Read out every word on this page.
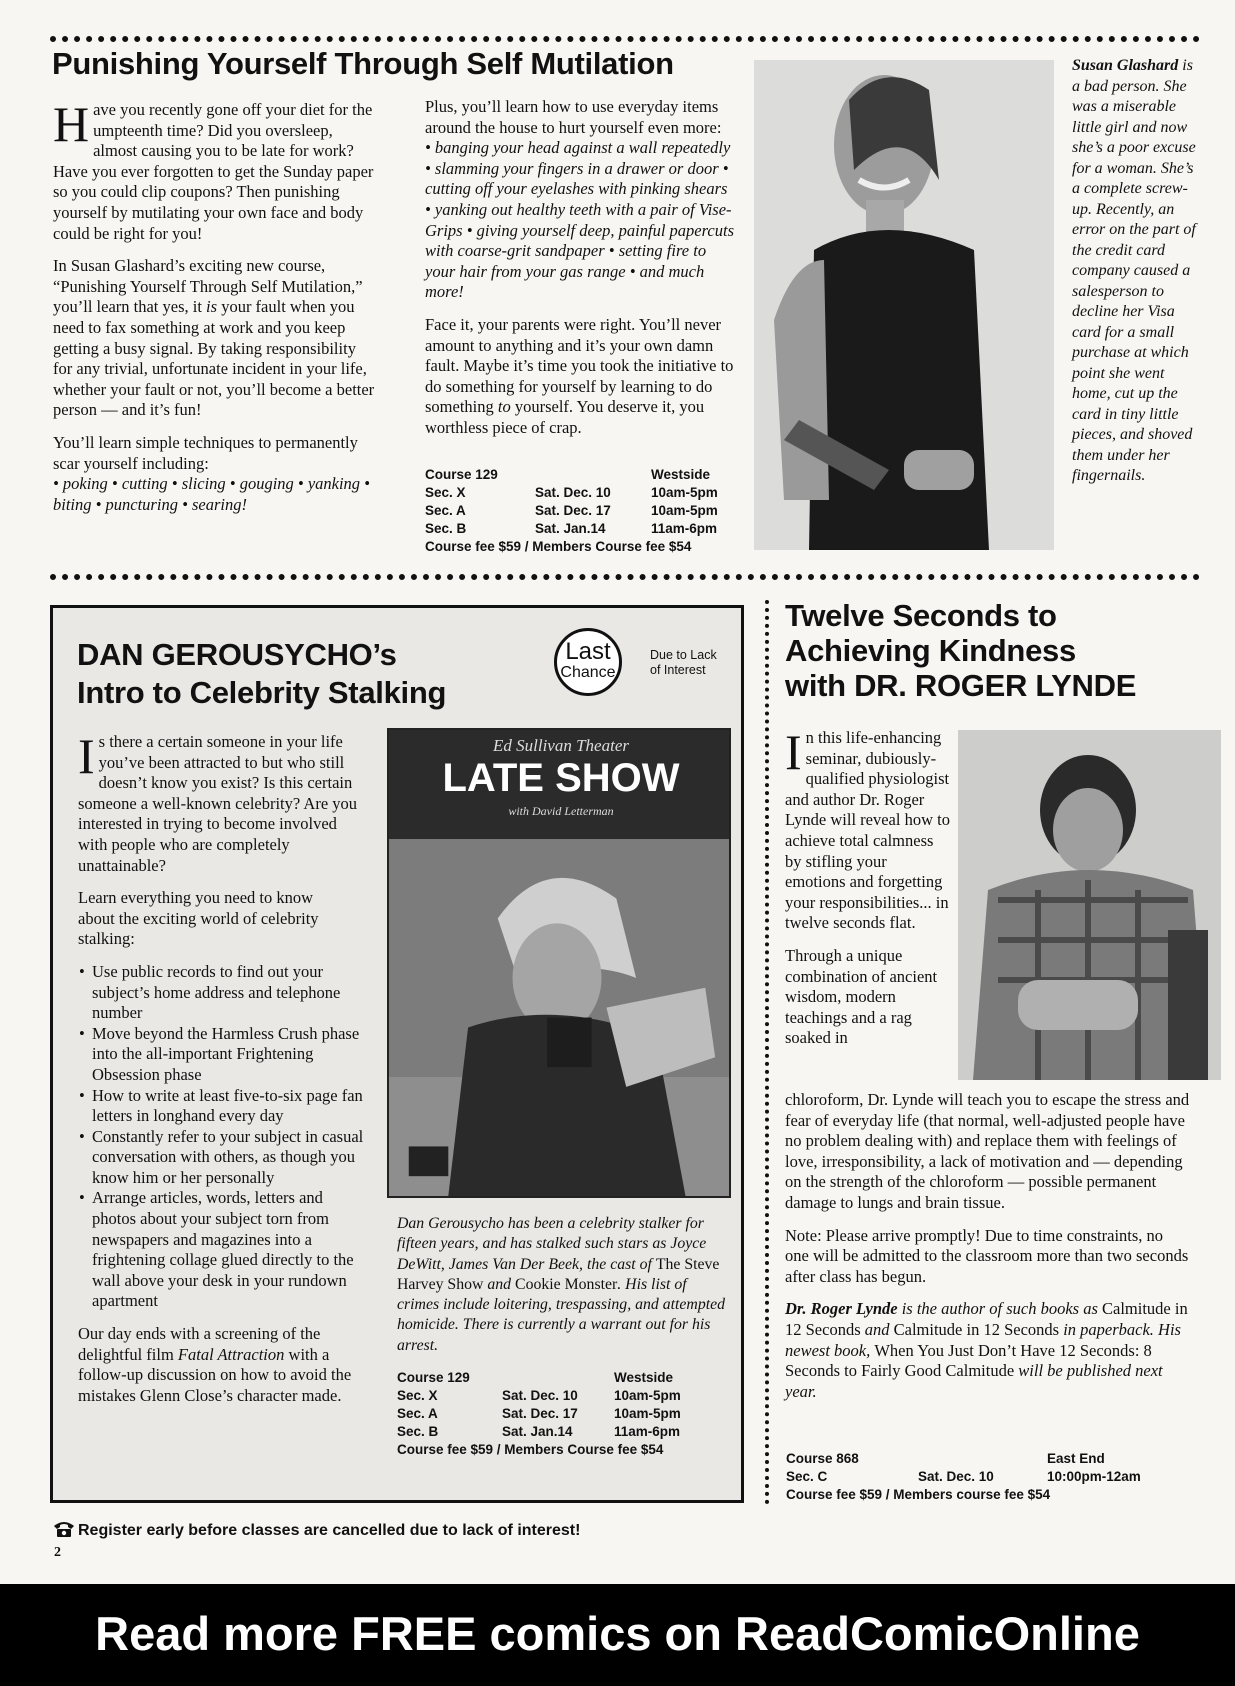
Punishing Yourself Through Self Mutilation

Have you recently gone off your diet for the umpteenth time? Did you oversleep, almost causing you to be late for work? Have you ever forgotten to get the Sunday paper so you could clip coupons? Then punishing yourself by mutilating your own face and body could be right for you!

In Susan Glashard’s exciting new course, “Punishing Yourself Through Self Mutilation,” you’ll learn that yes, it is your fault when you need to fax something at work and you keep getting a busy signal. By taking responsibility for any trivial, unfortunate incident in your life, whether your fault or not, you’ll become a better person — and it’s fun!

You’ll learn simple techniques to permanently scar yourself including:
• poking • cutting • slicing • gouging • yanking • biting • puncturing • searing!

Plus, you’ll learn how to use everyday items around the house to hurt yourself even more:
• banging your head against a wall repeatedly • slamming your fingers in a drawer or door • cutting off your eyelashes with pinking shears • yanking out healthy teeth with a pair of Vise-Grips • giving yourself deep, painful papercuts with coarse-grit sandpaper • setting fire to your hair from your gas range • and much more!

Face it, your parents were right. You’ll never amount to anything and it’s your own damn fault. Maybe it’s time you took the initiative to do something for yourself by learning to do something to yourself. You deserve it, you worthless piece of crap.

Course 129	Westside
Sec. X	Sat. Dec. 10	10am-5pm
Sec. A	Sat. Dec. 17	10am-5pm
Sec. B	Sat. Jan.14	11am-6pm
Course fee $59 / Members Course fee $54
Susan Glashard is a bad person. She was a miserable little girl and now she’s a poor excuse for a woman. She’s a complete screw-up. Recently, an error on the part of the credit card company caused a salesperson to decline her Visa card for a small purchase at which point she went home, cut up the card in tiny little pieces, and shoved them under her fingernails.
DAN GEROUSYCHO’s
Intro to Celebrity Stalking
Last
Chance
Due to Lack of Interest

Is there a certain someone in your life you’ve been attracted to but who still doesn’t know you exist? Is this certain someone a well-known celebrity? Are you interested in trying to become involved with people who are completely unattainable?

Learn everything you need to know about the exciting world of celebrity stalking:

• Use public records to find out your subject’s home address and telephone number
• Move beyond the Harmless Crush phase into the all-important Frightening Obsession phase
• How to write at least five-to-six page fan letters in longhand every day
• Constantly refer to your subject in casual conversation with others, as though you know him or her personally
• Arrange articles, words, letters and photos about your subject torn from newspapers and magazines into a frightening collage glued directly to the wall above your desk in your rundown apartment

Our day ends with a screening of the delightful film Fatal Attraction with a follow-up discussion on how to avoid the mistakes Glenn Close’s character made.

Ed Sullivan Theater
LATE SHOW
with David Letterman
Dan Gerousycho has been a celebrity stalker for fifteen years, and has stalked such stars as Joyce DeWitt, James Van Der Beek, the cast of The Steve Harvey Show and Cookie Monster. His list of crimes include loitering, trespassing, and attempted homicide. There is currently a warrant out for his arrest.
Course 129	Westside
Sec. X	Sat. Dec. 10	10am-5pm
Sec. A	Sat. Dec. 17	10am-5pm
Sec. B	Sat. Jan.14	11am-6pm
Course fee $59 / Members Course fee $54
Twelve Seconds to
Achieving Kindness
with DR. ROGER LYNDE

In this life-enhancing seminar, dubiously-qualified physiologist and author Dr. Roger Lynde will reveal how to achieve total calmness by stifling your emotions and forgetting your responsibilities... in twelve seconds flat.

Through a unique combination of ancient wisdom, modern teachings and a rag soaked in

chloroform, Dr. Lynde will teach you to escape the stress and fear of everyday life (that normal, well-adjusted people have no problem dealing with) and replace them with feelings of love, irresponsibility, a lack of motivation and — depending on the strength of the chloroform — possible permanent damage to lungs and brain tissue.

Note: Please arrive promptly! Due to time constraints, no one will be admitted to the classroom more than two seconds after class has begun.

Dr. Roger Lynde is the author of such books as Calmitude in 12 Seconds and Calmitude in 12 Seconds in paperback. His newest book, When You Just Don’t Have 12 Seconds: 8 Seconds to Fairly Good Calmitude will be published next year.

Course 868	East End
Sec. C	Sat. Dec. 10	10:00pm-12am
Course fee $59 / Members course fee $54
Register early before classes are cancelled due to lack of interest!
2
Read more FREE comics on ReadComicOnline
